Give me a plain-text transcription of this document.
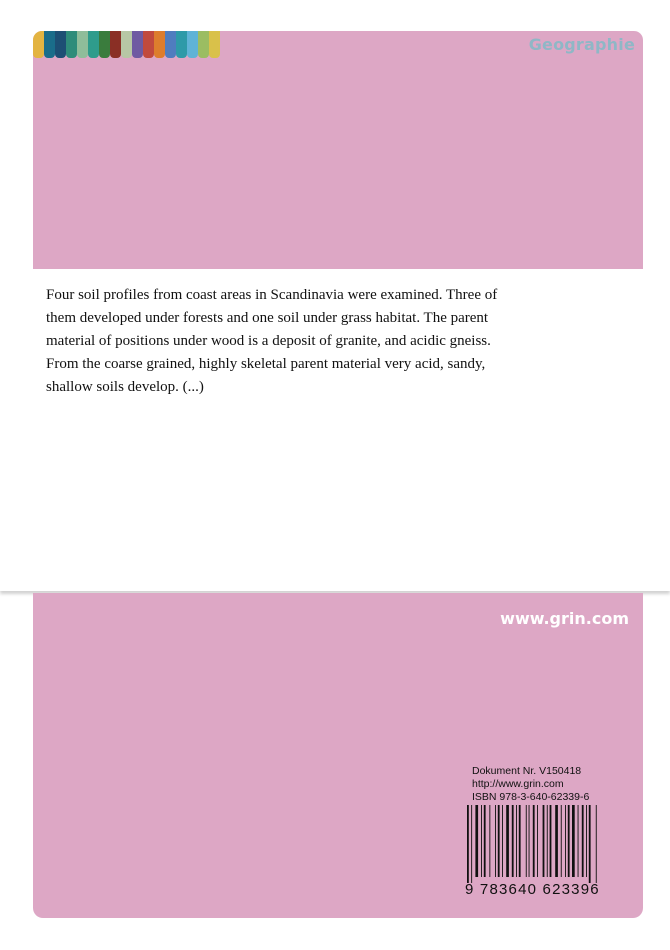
Geographie

Four soil profiles from coast areas in Scandinavia were examined. Three of them developed under forests and one soil under grass habitat. The parent material of positions under wood is a deposit of granite, and acidic gneiss. From the coarse grained, highly skeletal parent material very acid, sandy, shallow soils develop. (...)

www.grin.com
Dokument Nr. V150418
http://www.grin.com
ISBN 978-3-640-62339-6
9 783640 623396
